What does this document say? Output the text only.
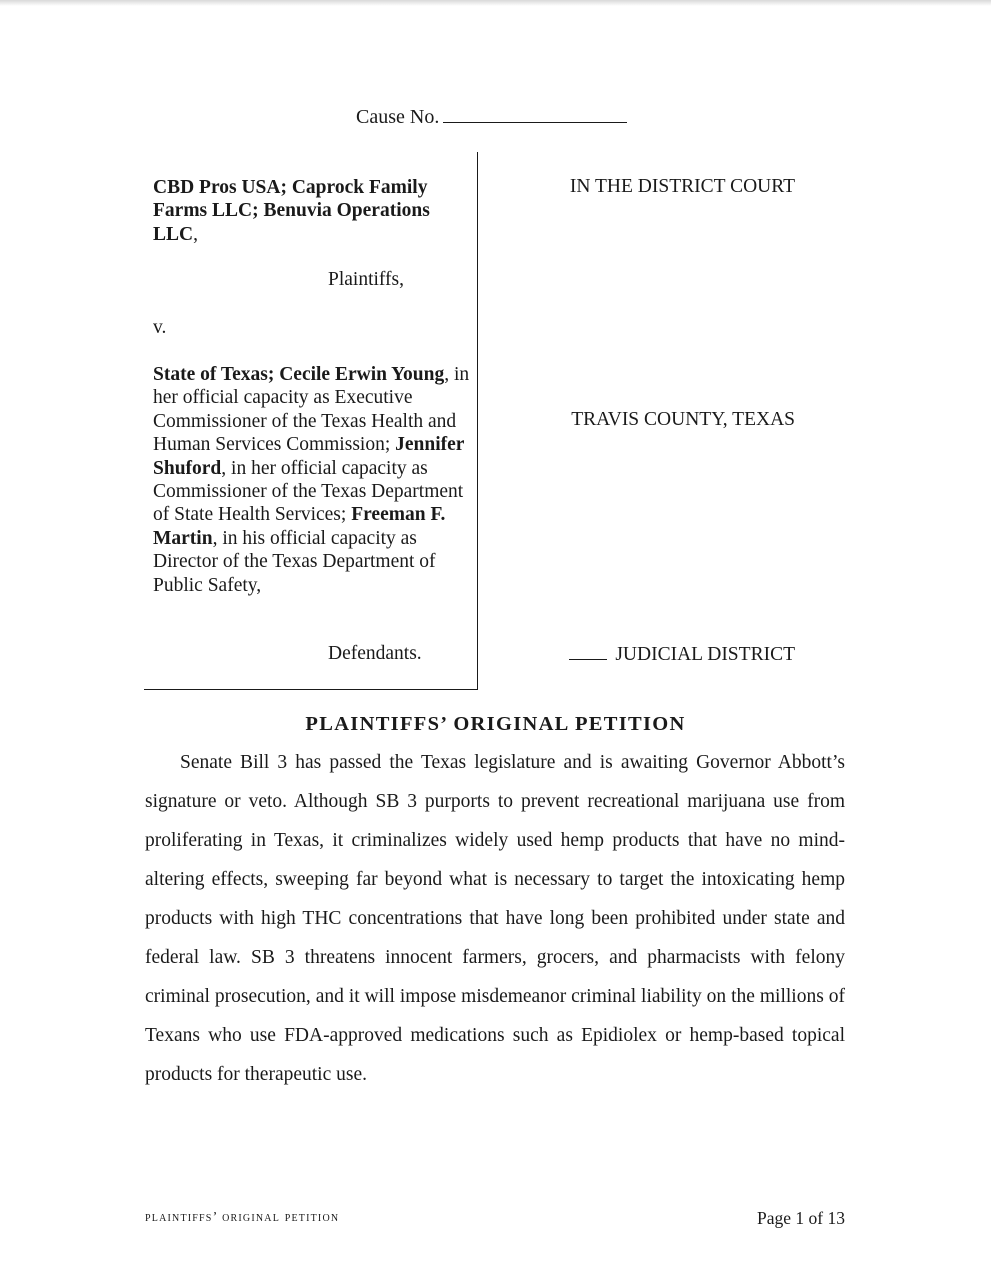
Cause No.
CBD Pros USA; Caprock Family Farms LLC; Benuvia Operations LLC,
Plaintiffs,
v.
State of Texas; Cecile Erwin Young, in her official capacity as Executive Commissioner of the Texas Health and Human Services Commission; Jennifer Shuford, in her official capacity as Commissioner of the Texas Department of State Health Services; Freeman F. Martin, in his official capacity as Director of the Texas Department of Public Safety,
Defendants.
IN THE DISTRICT COURT
TRAVIS COUNTY, TEXAS
JUDICIAL DISTRICT
PLAINTIFFS’ ORIGINAL PETITION
Senate Bill 3 has passed the Texas legislature and is awaiting Governor Abbott’s signature or veto. Although SB 3 purports to prevent recreational marijuana use from proliferating in Texas, it criminalizes widely used hemp products that have no mind-altering effects, sweeping far beyond what is necessary to target the intoxicating hemp products with high THC concentrations that have long been prohibited under state and federal law. SB 3 threatens innocent farmers, grocers, and pharmacists with felony criminal prosecution, and it will impose misdemeanor criminal liability on the millions of Texans who use FDA-approved medications such as Epidiolex or hemp-based topical products for therapeutic use.
plaintiffs’ original petition	Page 1 of 13
